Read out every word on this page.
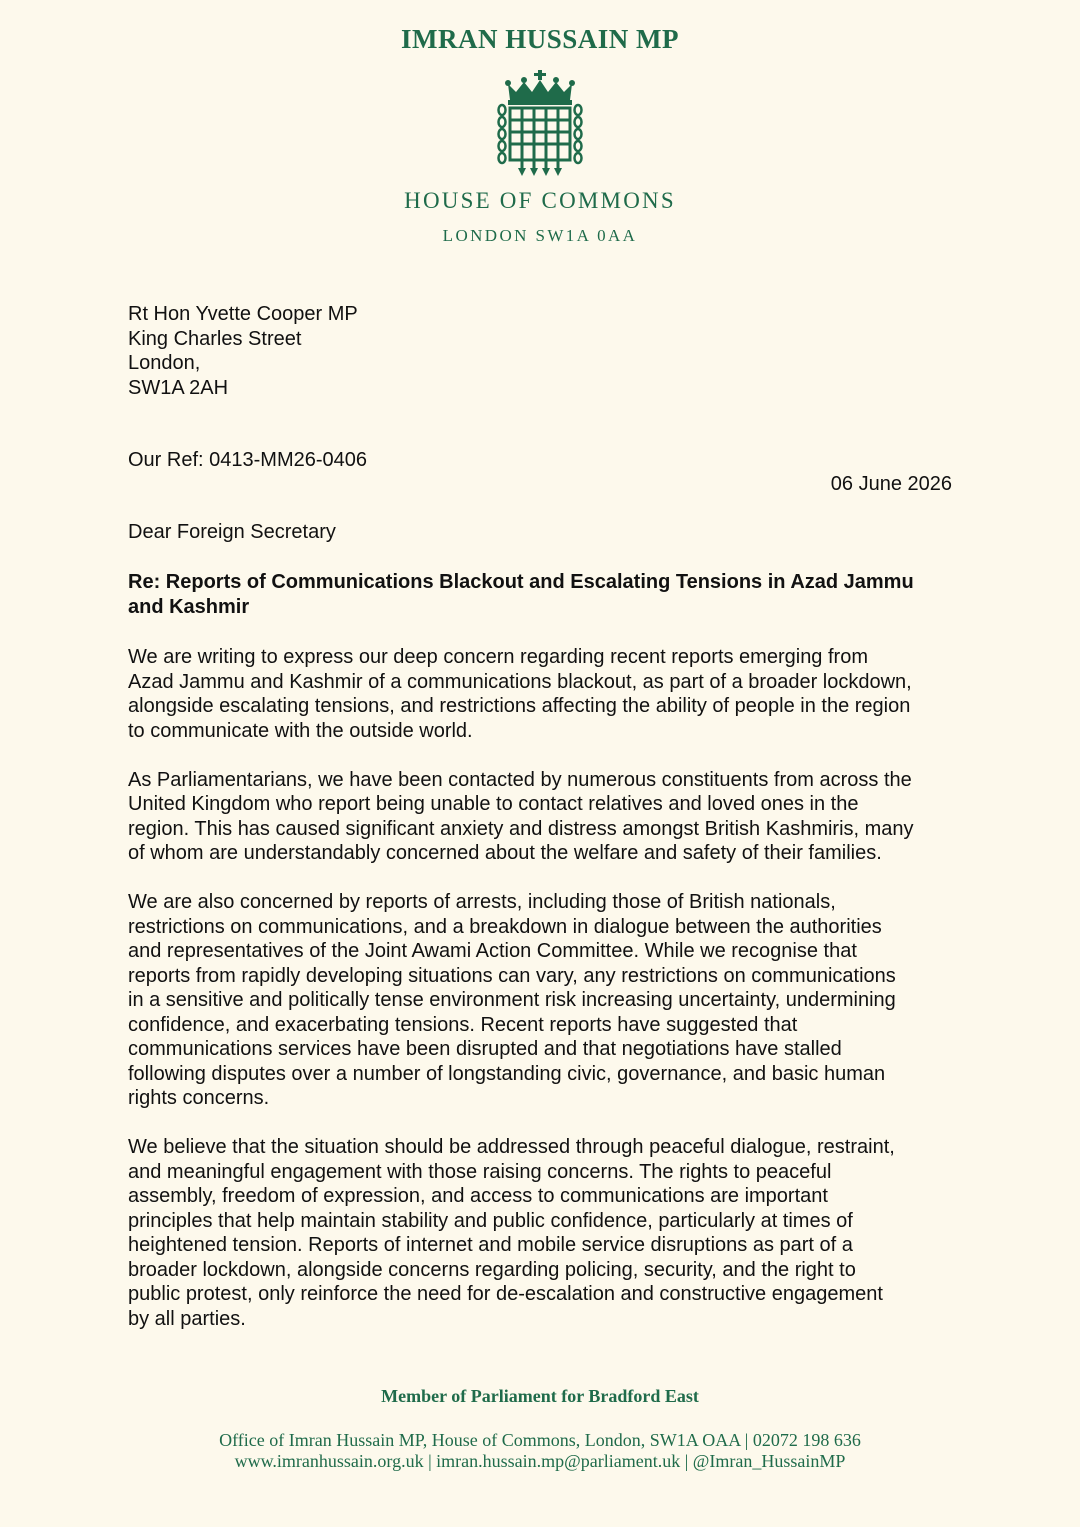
IMRAN HUSSAIN MP
HOUSE OF COMMONS
LONDON SW1A 0AA
Rt Hon Yvette Cooper MP
King Charles Street
London,
SW1A 2AH
Our Ref: 0413-MM26-0406
06 June 2026
Dear Foreign Secretary
Re: Reports of Communications Blackout and Escalating Tensions in Azad Jammu
and Kashmir

We are writing to express our deep concern regarding recent reports emerging from
Azad Jammu and Kashmir of a communications blackout, as part of a broader lockdown,
alongside escalating tensions, and restrictions affecting the ability of people in the region
to communicate with the outside world.

As Parliamentarians, we have been contacted by numerous constituents from across the
United Kingdom who report being unable to contact relatives and loved ones in the
region. This has caused significant anxiety and distress amongst British Kashmiris, many
of whom are understandably concerned about the welfare and safety of their families.

We are also concerned by reports of arrests, including those of British nationals,
restrictions on communications, and a breakdown in dialogue between the authorities
and representatives of the Joint Awami Action Committee. While we recognise that
reports from rapidly developing situations can vary, any restrictions on communications
in a sensitive and politically tense environment risk increasing uncertainty, undermining
confidence, and exacerbating tensions. Recent reports have suggested that
communications services have been disrupted and that negotiations have stalled
following disputes over a number of longstanding civic, governance, and basic human
rights concerns.

We believe that the situation should be addressed through peaceful dialogue, restraint,
and meaningful engagement with those raising concerns. The rights to peaceful
assembly, freedom of expression, and access to communications are important
principles that help maintain stability and public confidence, particularly at times of
heightened tension. Reports of internet and mobile service disruptions as part of a
broader lockdown, alongside concerns regarding policing, security, and the right to
public protest, only reinforce the need for de-escalation and constructive engagement
by all parties.

Member of Parliament for Bradford East
Office of Imran Hussain MP, House of Commons, London, SW1A OAA | 02072 198 636
www.imranhussain.org.uk | imran.hussain.mp@parliament.uk | @Imran_HussainMP
